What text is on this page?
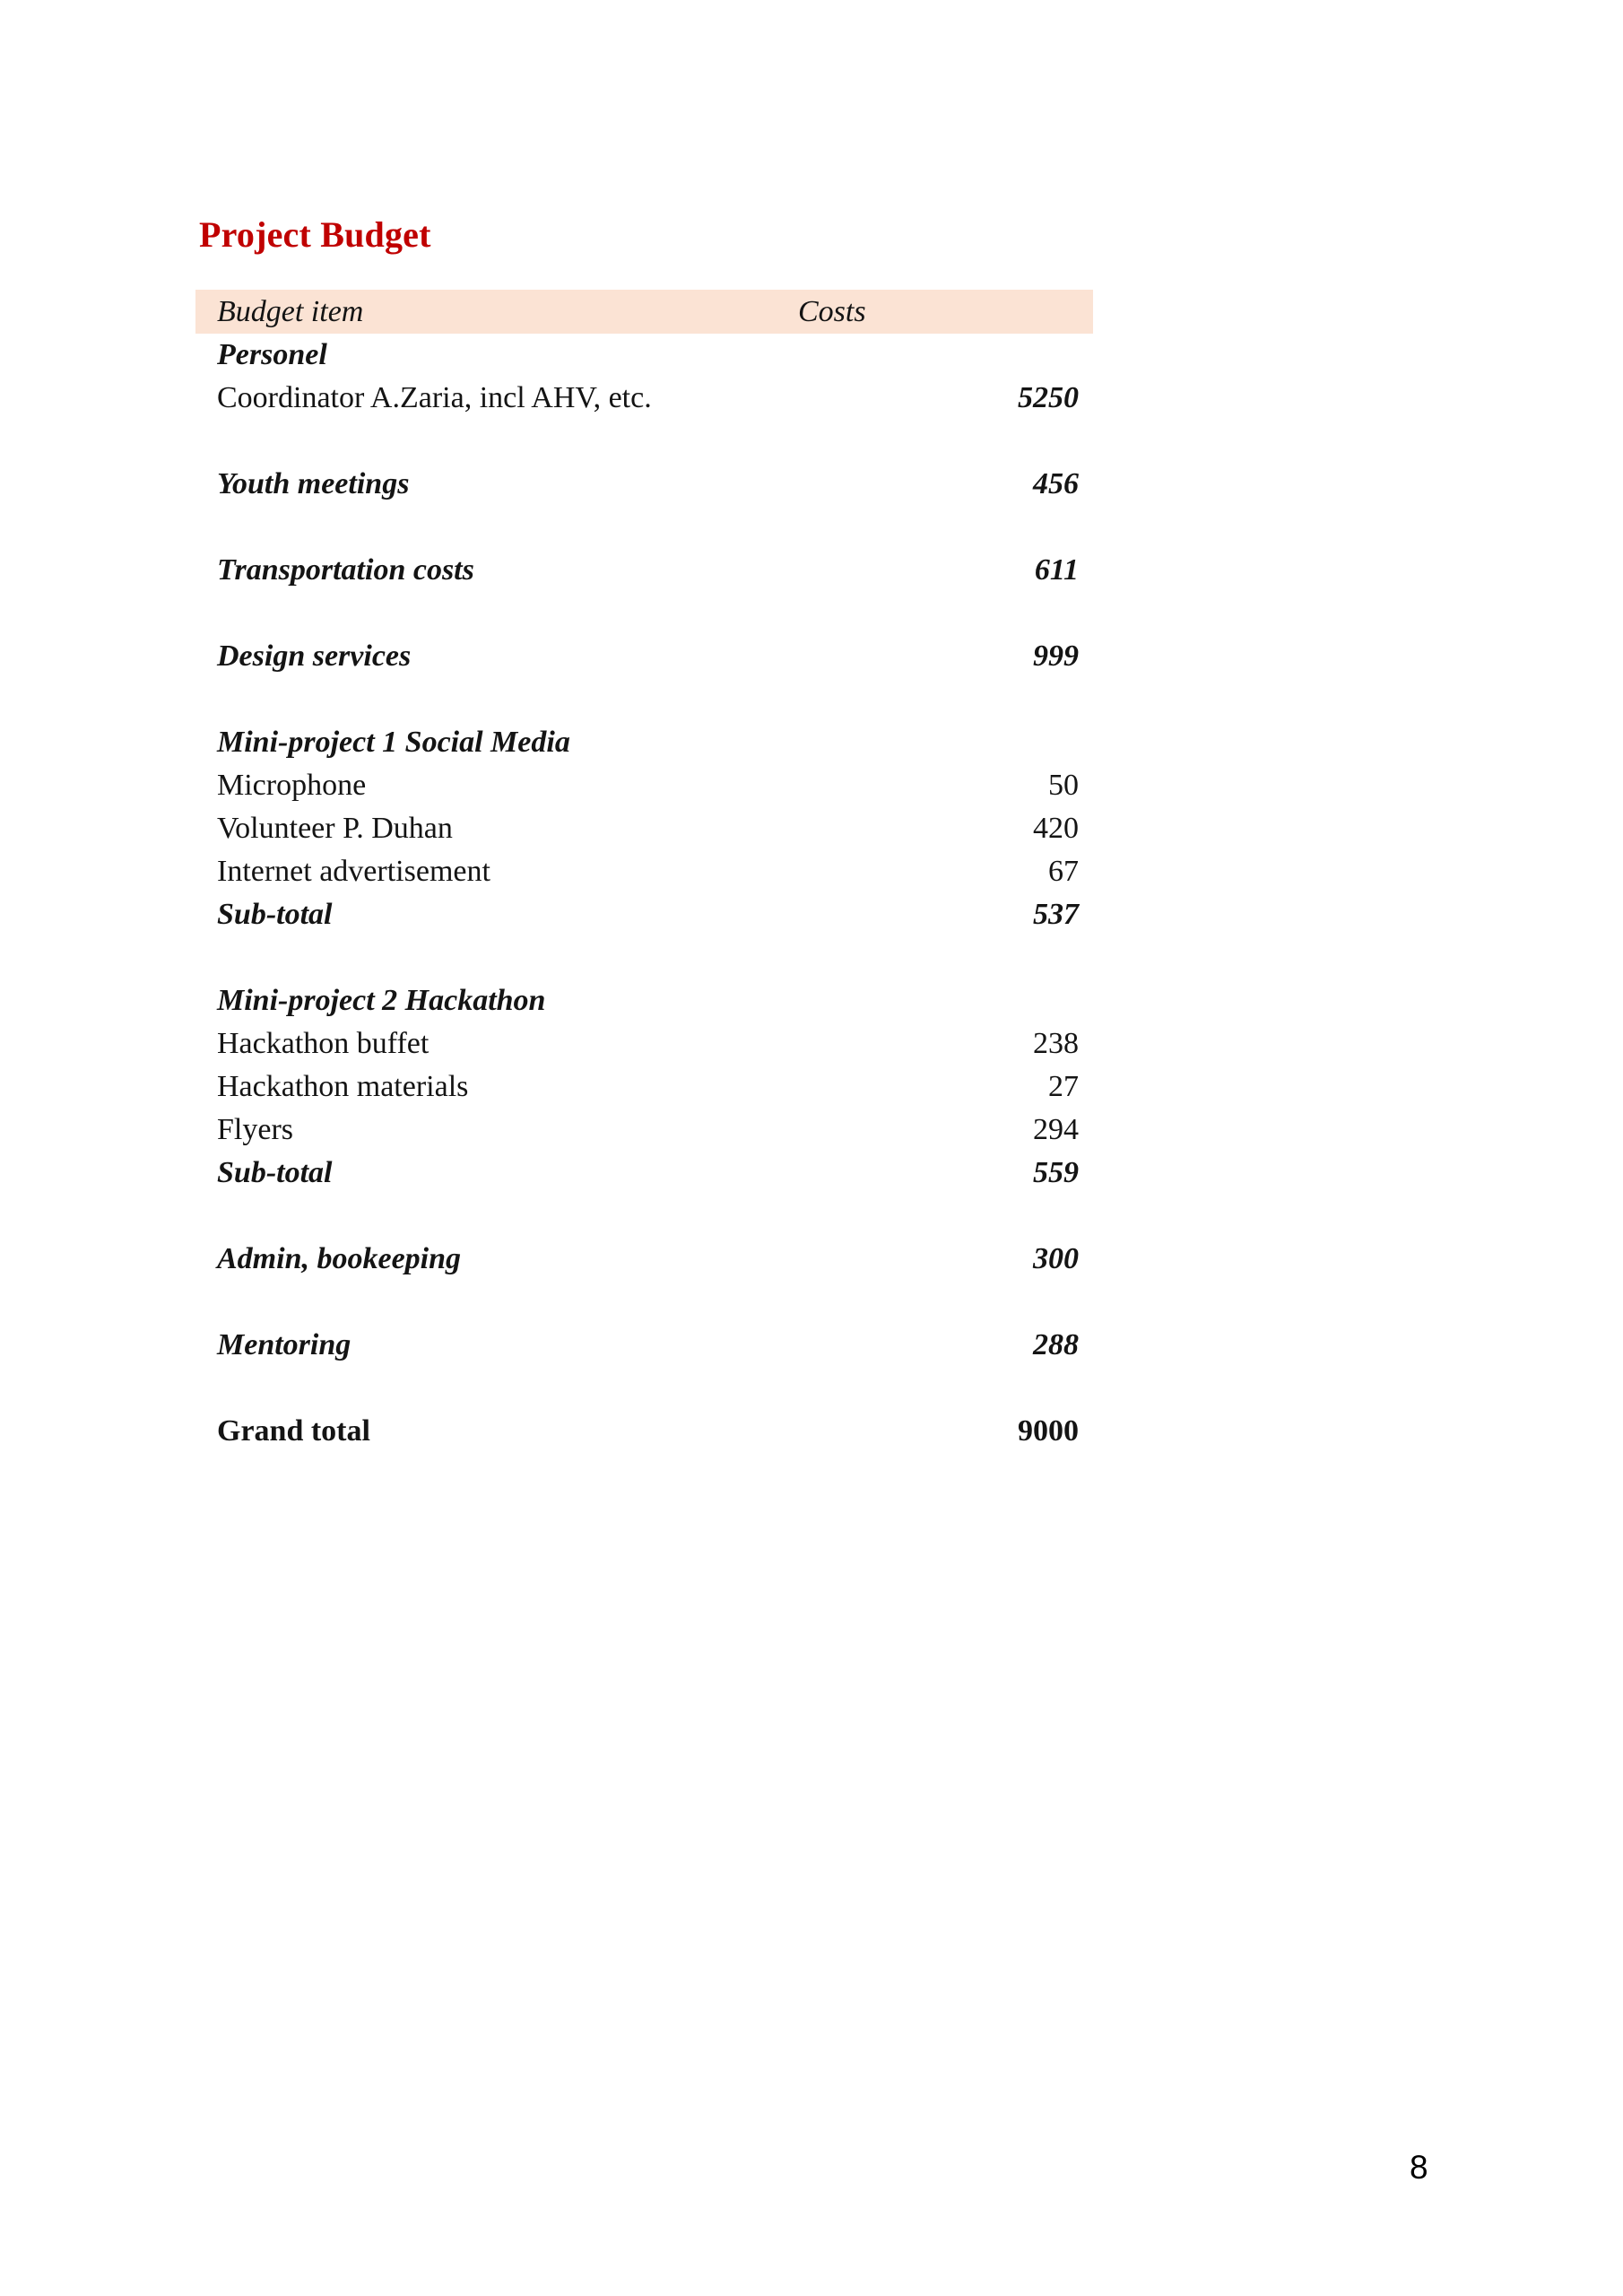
Project Budget
Budget item	Costs
Personel	
Coordinator A.Zaria, incl AHV, etc.	5250

Youth meetings	456

Transportation costs	611

Design services	999

Mini-project 1 Social Media	
Microphone	50
Volunteer P. Duhan	420
Internet advertisement	67
Sub-total	537

Mini-project 2 Hackathon	
Hackathon buffet	238
Hackathon materials	27
Flyers	294
Sub-total	559

Admin, bookeeping	300

Mentoring	288

Grand total	9000
8
